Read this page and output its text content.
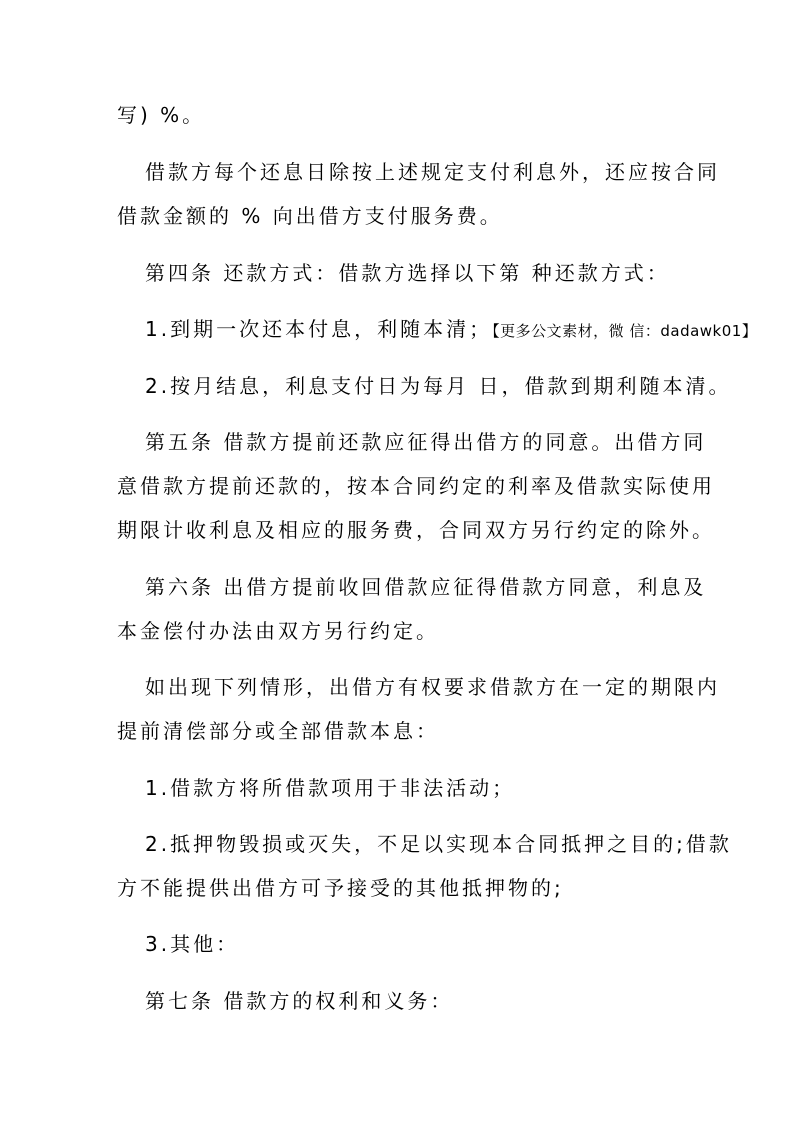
写) %。
借款方每个还息日除按上述规定支付利息外，还应按合同
借款金额的 % 向出借方支付服务费。
第四条 还款方式：借款方选择以下第 种还款方式：
1.到期一次还本付息，利随本清；【更多公文素材，微 信：dadawk01】
2.按月结息，利息支付日为每月 日，借款到期利随本清。
第五条 借款方提前还款应征得出借方的同意。出借方同
意借款方提前还款的，按本合同约定的利率及借款实际使用
期限计收利息及相应的服务费，合同双方另行约定的除外。
第六条 出借方提前收回借款应征得借款方同意，利息及
本金偿付办法由双方另行约定。
如出现下列情形，出借方有权要求借款方在一定的期限内
提前清偿部分或全部借款本息：
1.借款方将所借款项用于非法活动；
2.抵押物毁损或灭失，不足以实现本合同抵押之目的;借款
方不能提供出借方可予接受的其他抵押物的;
3.其他：
第七条 借款方的权利和义务：
